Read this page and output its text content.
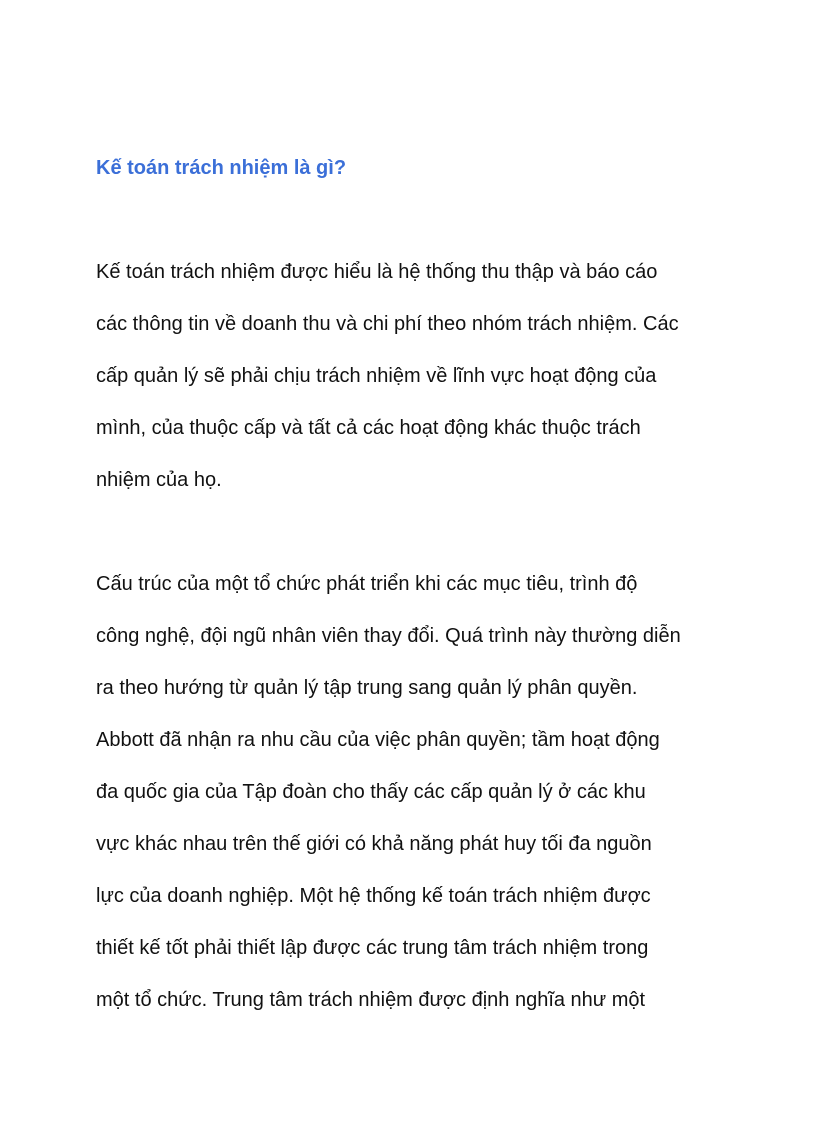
Kế toán trách nhiệm là gì?
Kế toán trách nhiệm được hiểu là hệ thống thu thập và báo cáo
các thông tin về doanh thu và chi phí theo nhóm trách nhiệm. Các
cấp quản lý sẽ phải chịu trách nhiệm về lĩnh vực hoạt động của
mình, của thuộc cấp và tất cả các hoạt động khác thuộc trách
nhiệm của họ.
Cấu trúc của một tổ chức phát triển khi các mục tiêu, trình độ
công nghệ, đội ngũ nhân viên thay đổi. Quá trình này thường diễn
ra theo hướng từ quản lý tập trung sang quản lý phân quyền.
Abbott đã nhận ra nhu cầu của việc phân quyền; tầm hoạt động
đa quốc gia của Tập đoàn cho thấy các cấp quản lý ở các khu
vực khác nhau trên thế giới có khả năng phát huy tối đa nguồn
lực của doanh nghiệp. Một hệ thống kế toán trách nhiệm được
thiết kế tốt phải thiết lập được các trung tâm trách nhiệm trong
một tổ chức. Trung tâm trách nhiệm được định nghĩa như một
